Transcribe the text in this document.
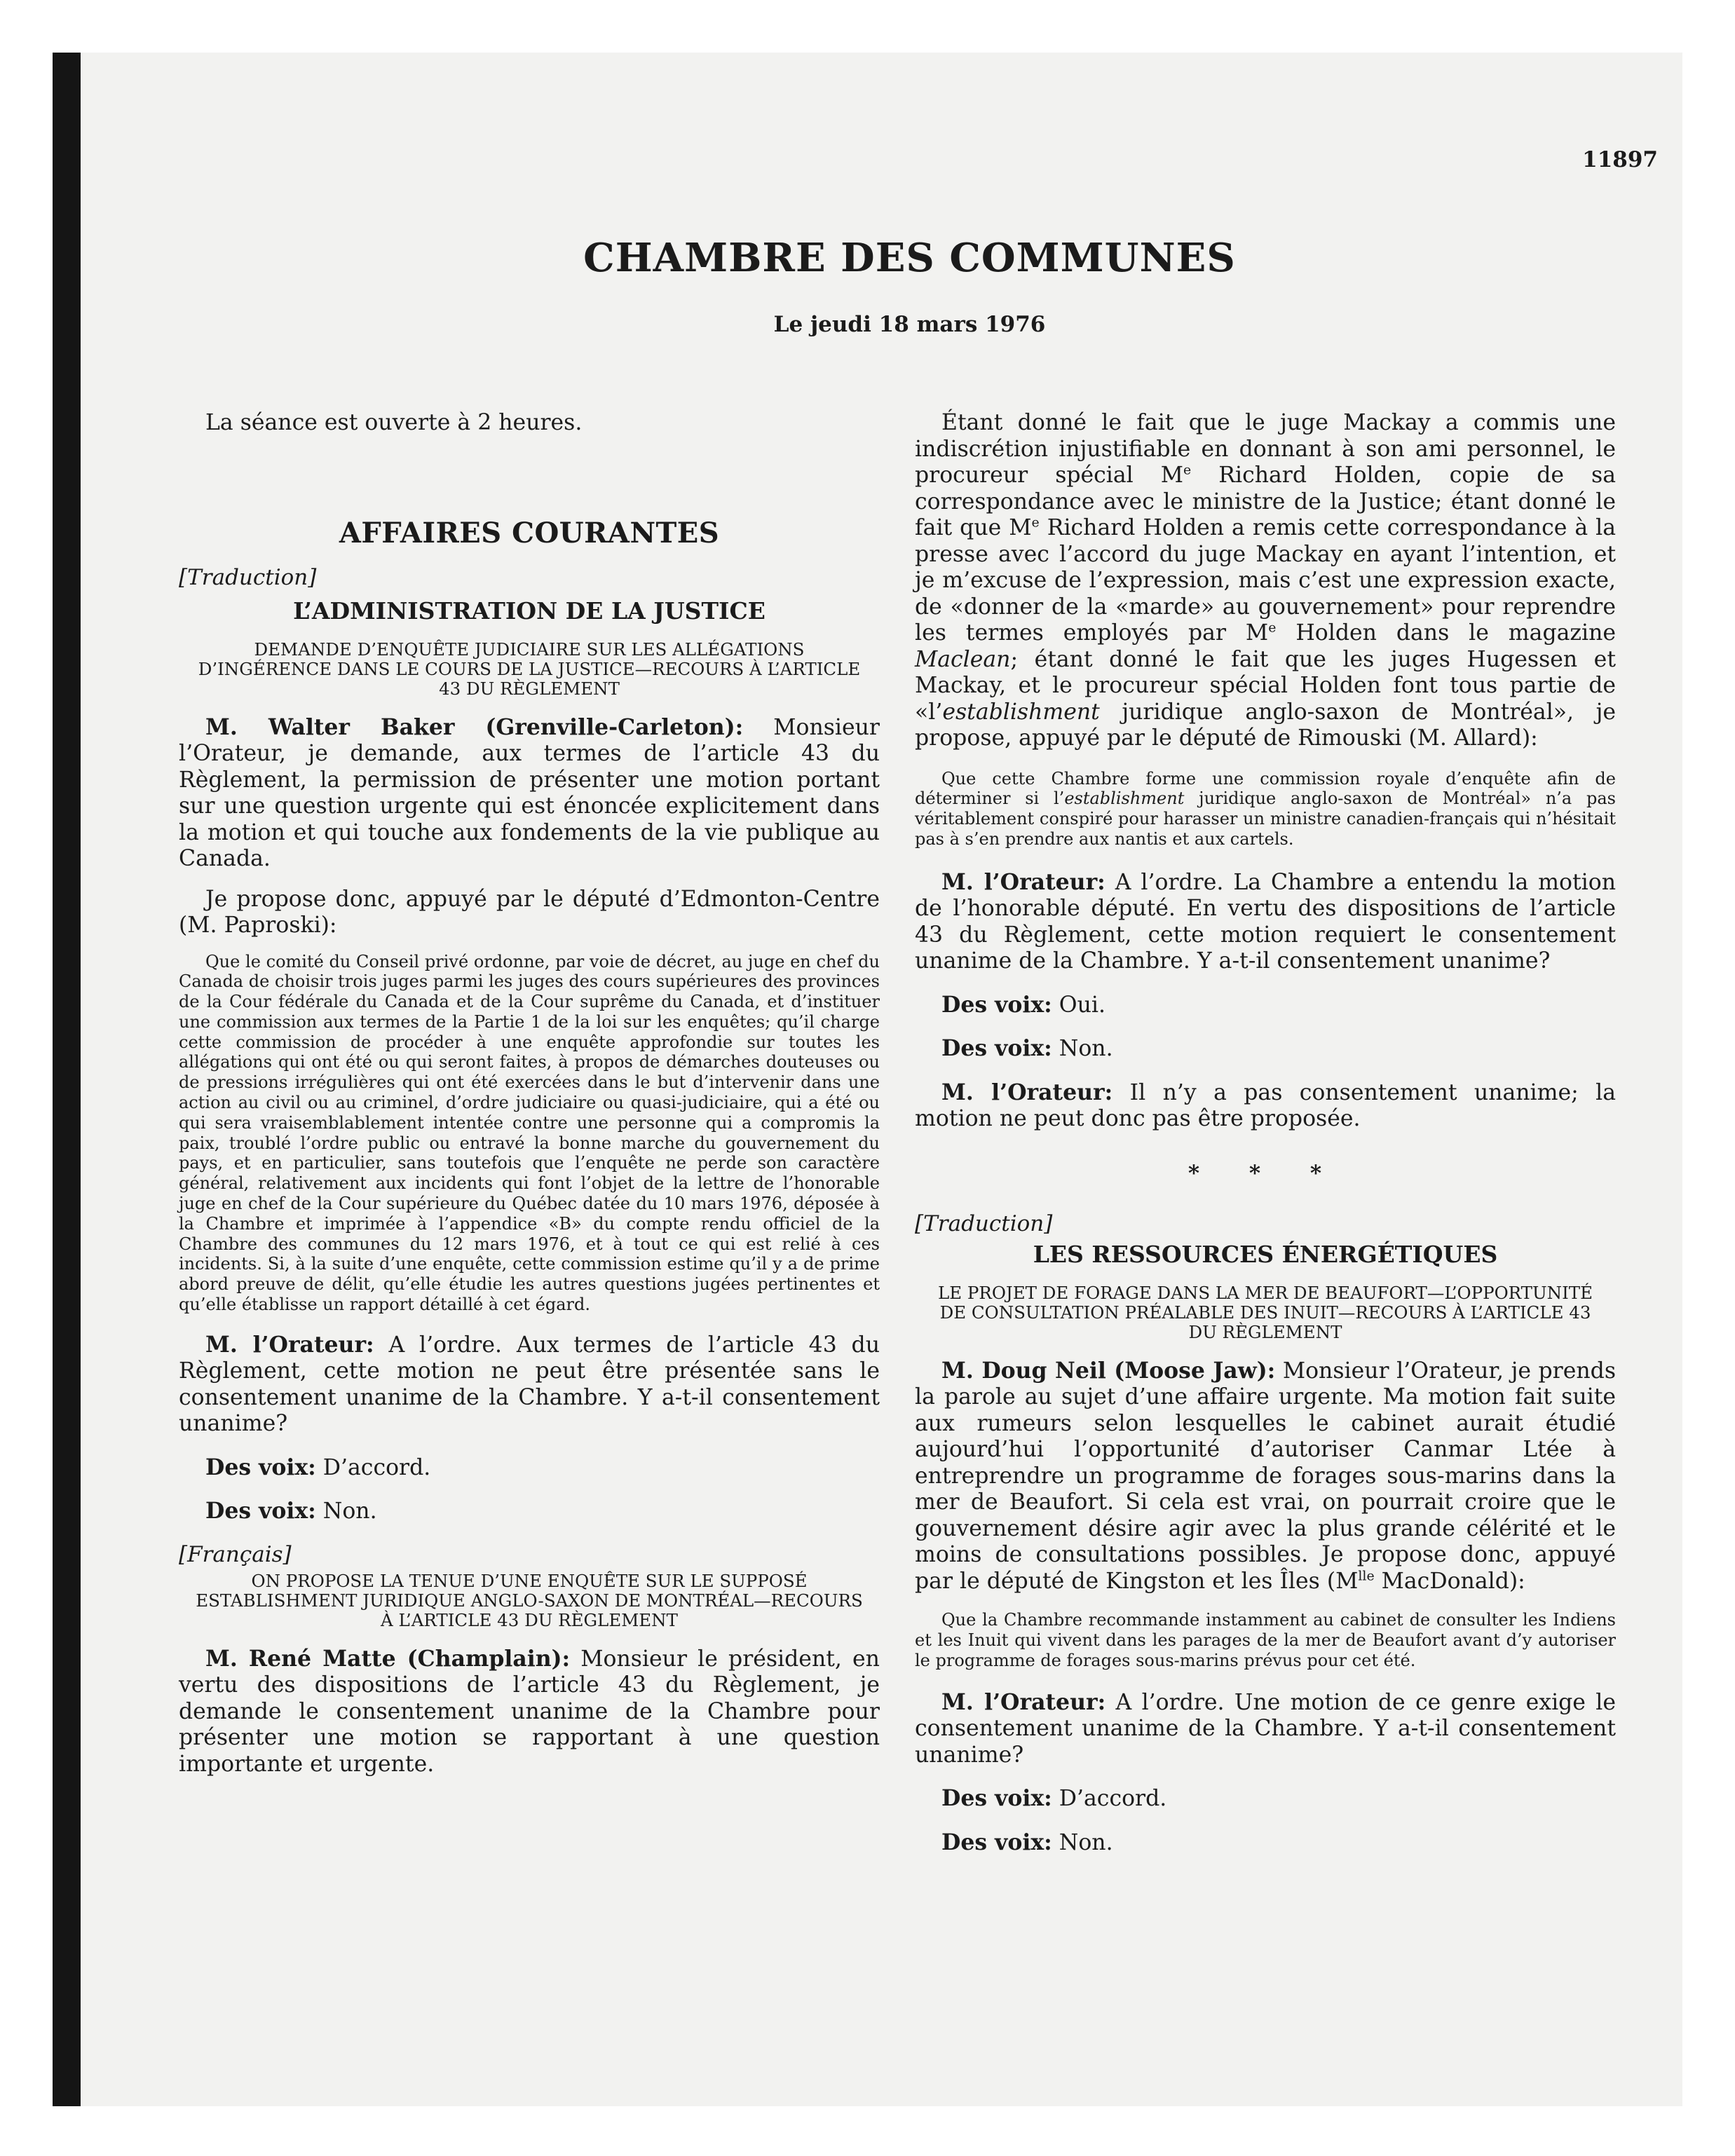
11897
CHAMBRE DES COMMUNES
Le jeudi 18 mars 1976

La séance est ouverte à 2 heures.

AFFAIRES COURANTES

[Traduction]

L’ADMINISTRATION DE LA JUSTICE

DEMANDE D’ENQUÊTE JUDICIAIRE SUR LES ALLÉGATIONS D’INGÉRENCE DANS LE COURS DE LA JUSTICE—RECOURS À L’ARTICLE 43 DU RÈGLEMENT

M. Walter Baker (Grenville-Carleton): Monsieur l’Orateur, je demande, aux termes de l’article 43 du Règlement, la permission de présenter une motion portant sur une question urgente qui est énoncée explicitement dans la motion et qui touche aux fondements de la vie publique au Canada.

Je propose donc, appuyé par le député d’Edmonton-Centre (M. Paproski):

Que le comité du Conseil privé ordonne, par voie de décret, au juge en chef du Canada de choisir trois juges parmi les juges des cours supérieures des provinces de la Cour fédérale du Canada et de la Cour suprême du Canada, et d’instituer une commission aux termes de la Partie 1 de la loi sur les enquêtes; qu’il charge cette commission de procéder à une enquête approfondie sur toutes les allégations qui ont été ou qui seront faites, à propos de démarches douteuses ou de pressions irrégulières qui ont été exercées dans le but d’intervenir dans une action au civil ou au criminel, d’ordre judiciaire ou quasi-judiciaire, qui a été ou qui sera vraisemblablement intentée contre une personne qui a compromis la paix, troublé l’ordre public ou entravé la bonne marche du gouvernement du pays, et en particulier, sans toutefois que l’enquête ne perde son caractère général, relativement aux incidents qui font l’objet de la lettre de l’honorable juge en chef de la Cour supérieure du Québec datée du 10 mars 1976, déposée à la Chambre et imprimée à l’appendice «B» du compte rendu officiel de la Chambre des communes du 12 mars 1976, et à tout ce qui est relié à ces incidents. Si, à la suite d’une enquête, cette commission estime qu’il y a de prime abord preuve de délit, qu’elle étudie les autres questions jugées pertinentes et qu’elle établisse un rapport détaillé à cet égard.

M. l’Orateur: A l’ordre. Aux termes de l’article 43 du Règlement, cette motion ne peut être présentée sans le consentement unanime de la Chambre. Y a-t-il consentement unanime?

Des voix: D’accord.

Des voix: Non.

[Français]

ON PROPOSE LA TENUE D’UNE ENQUÊTE SUR LE SUPPOSÉ ESTABLISHMENT JURIDIQUE ANGLO-SAXON DE MONTRÉAL—RECOURS À L’ARTICLE 43 DU RÈGLEMENT

M. René Matte (Champlain): Monsieur le président, en vertu des dispositions de l’article 43 du Règlement, je demande le consentement unanime de la Chambre pour présenter une motion se rapportant à une question importante et urgente.

Étant donné le fait que le juge Mackay a commis une indiscrétion injustifiable en donnant à son ami personnel, le procureur spécial Me Richard Holden, copie de sa correspondance avec le ministre de la Justice; étant donné le fait que Me Richard Holden a remis cette correspondance à la presse avec l’accord du juge Mackay en ayant l’intention, et je m’excuse de l’expression, mais c’est une expression exacte, de «donner de la «marde» au gouvernement» pour reprendre les termes employés par Me Holden dans le magazine Maclean; étant donné le fait que les juges Hugessen et Mackay, et le procureur spécial Holden font tous partie de «l’establishment juridique anglo-saxon de Montréal», je propose, appuyé par le député de Rimouski (M. Allard):

Que cette Chambre forme une commission royale d’enquête afin de déterminer si l’establishment juridique anglo-saxon de Montréal» n’a pas véritablement conspiré pour harasser un ministre canadien-français qui n’hésitait pas à s’en prendre aux nantis et aux cartels.

M. l’Orateur: A l’ordre. La Chambre a entendu la motion de l’honorable député. En vertu des dispositions de l’article 43 du Règlement, cette motion requiert le consentement unanime de la Chambre. Y a-t-il consentement unanime?

Des voix: Oui.

Des voix: Non.

M. l’Orateur: Il n’y a pas consentement unanime; la motion ne peut donc pas être proposée.

* * *

[Traduction]

LES RESSOURCES ÉNERGÉTIQUES

LE PROJET DE FORAGE DANS LA MER DE BEAUFORT—L’OPPORTUNITÉ DE CONSULTATION PRÉALABLE DES INUIT—RECOURS À L’ARTICLE 43 DU RÈGLEMENT

M. Doug Neil (Moose Jaw): Monsieur l’Orateur, je prends la parole au sujet d’une affaire urgente. Ma motion fait suite aux rumeurs selon lesquelles le cabinet aurait étudié aujourd’hui l’opportunité d’autoriser Canmar Ltée à entreprendre un programme de forages sous-marins dans la mer de Beaufort. Si cela est vrai, on pourrait croire que le gouvernement désire agir avec la plus grande célérité et le moins de consultations possibles. Je propose donc, appuyé par le député de Kingston et les Îles ($M^{lle}$ MacDonald):

Que la Chambre recommande instamment au cabinet de consulter les Indiens et les Inuit qui vivent dans les parages de la mer de Beaufort avant d’y autoriser le programme de forages sous-marins prévus pour cet été.

M. l’Orateur: A l’ordre. Une motion de ce genre exige le consentement unanime de la Chambre. Y a-t-il consentement unanime?

Des voix: D’accord.

Des voix: Non.
